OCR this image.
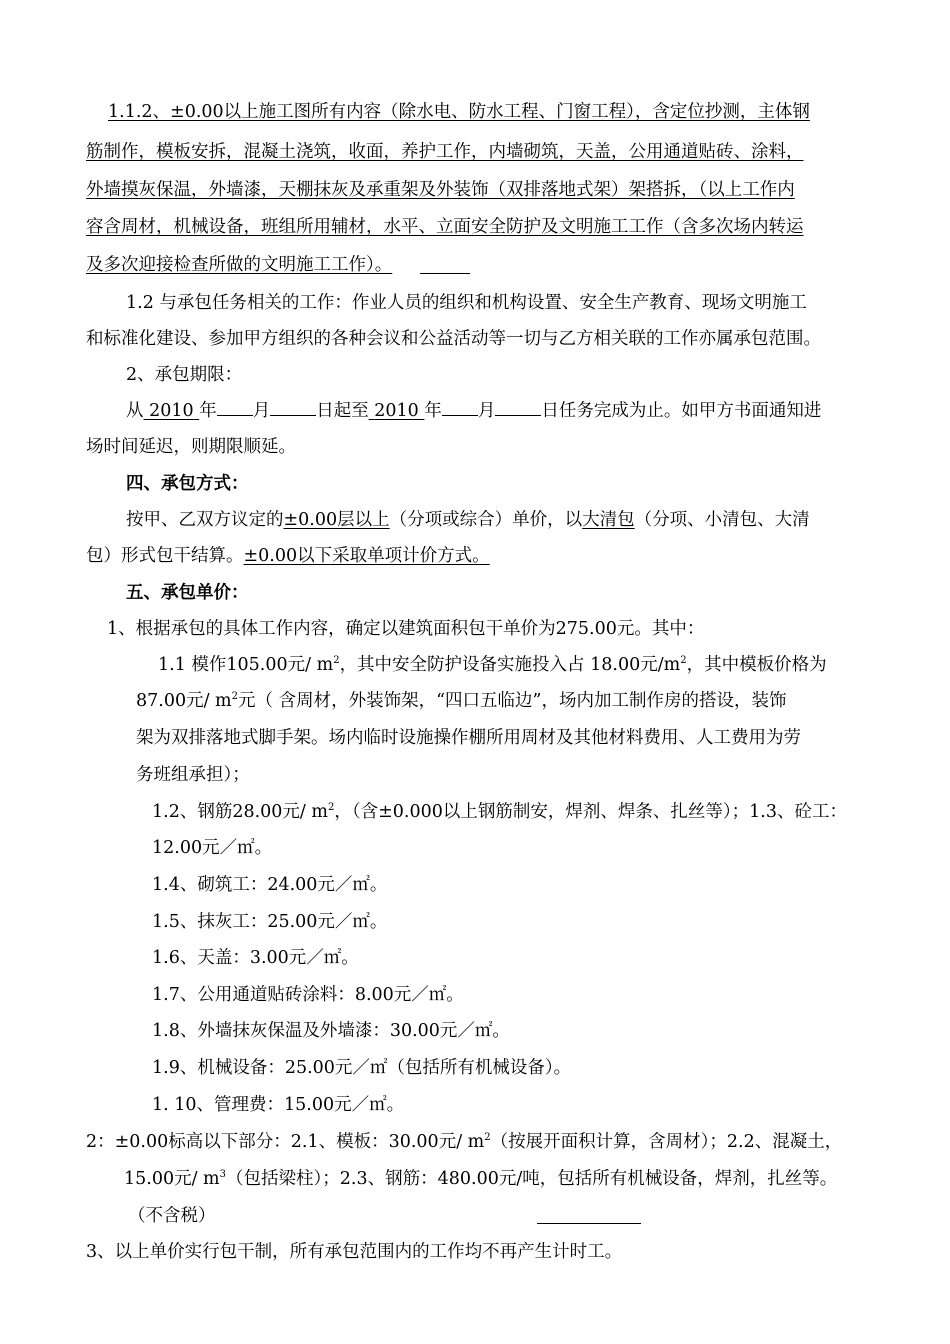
1.1.2、±0.00以上施工图所有内容（除水电、防水工程、门窗工程），含定位抄测，主体钢
筋制作，模板安拆，混凝土浇筑，收面，养护工作，内墙砌筑，天盖，公用通道贴砖、涂料，
外墙摸灰保温，外墙漆，天棚抹灰及承重架及外装饰（双排落地式架）架搭拆，（以上工作内
容含周材，机械设备，班组所用辅材，水平、立面安全防护及文明施工工作（含多次场内转运
及多次迎接检查所做的文明施工工作）。
1.2 与承包任务相关的工作：作业人员的组织和机构设置、安全生产教育、现场文明施工
和标准化建设、参加甲方组织的各种会议和公益活动等一切与乙方相关联的工作亦属承包范围。
2、承包期限：
从 2010 年 月	日起至 2010 年 月	日任务完成为止。如甲方书面通知进
场时间延迟，则期限顺延。
四、承包方式：
按甲、乙双方议定的±0.00层以上（分项或综合）单价，以大清包（分项、小清包、大清
包）形式包干结算。±0.00以下采取单项计价方式。
五、承包单价：
1、根据承包的具体工作内容，确定以建筑面积包干单价为275.00元。其中：
1.1 模作105.00元/ $m^2$，其中安全防护设备实施投入占 18.00元$/m^2$，其中模板价格为
87.00元/ $m^2$元（ 含周材，外装饰架，“四口五临边”，场内加工制作房的搭设，装饰
架为双排落地式脚手架。场内临时设施操作棚所用周材及其他材料费用、人工费用为劳
务班组承担）；
1.2、钢筋28.00元/ $m^2$，（含±0.000以上钢筋制安，焊剂、焊条、扎丝等）；1.3、砼工：
12.00元／㎡。
1.4、砌筑工：24.00元／㎡。
1.5、抹灰工：25.00元／㎡。
1.6、天盖：3.00元／㎡。
1.7、公用通道贴砖涂料：8.00元／㎡。
1.8、外墙抹灰保温及外墙漆：30.00元／㎡。
1.9、机械设备：25.00元／㎡（包括所有机械设备）。
1. 10、管理费：15.00元／㎡。
2：±0.00标高以下部分：2.1、模板：30.00元/ $m^2$（按展开面积计算，含周材）；2.2、混凝土，
15.00元/ $m^3$（包括梁柱）；2.3、钢筋：480.00元/吨，包括所有机械设备，焊剂，扎丝等。
（不含税）
3、以上单价实行包干制，所有承包范围内的工作均不再产生计时工。
